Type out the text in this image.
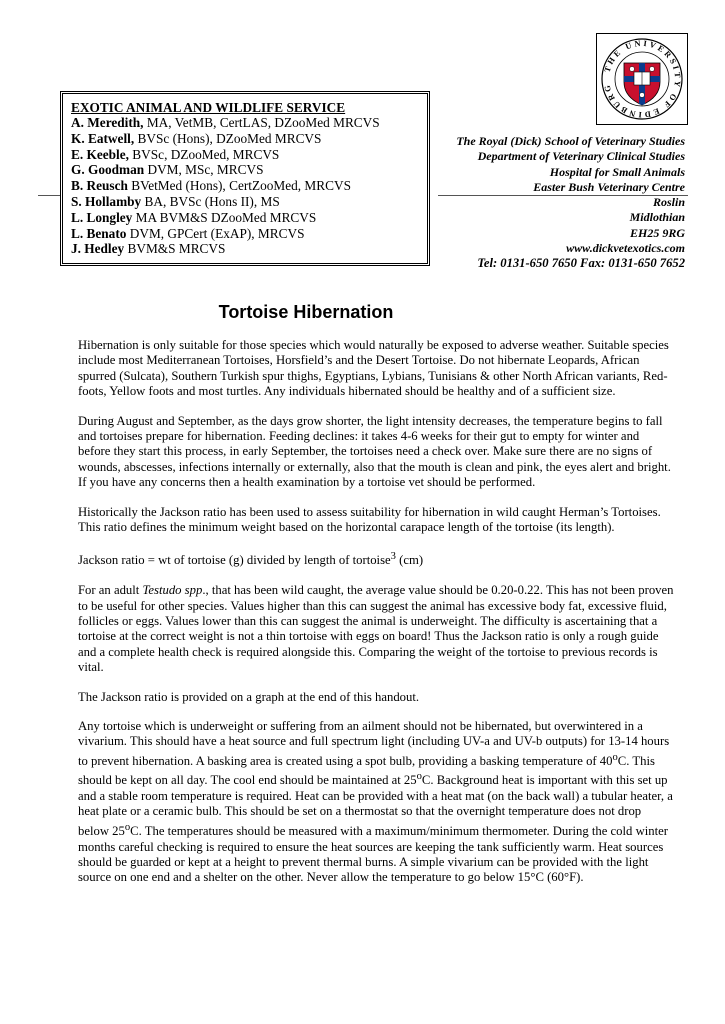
EXOTIC ANIMAL AND WILDLIFE SERVICE
A. Meredith, MA, VetMB, CertLAS, DZooMed MRCVS
K. Eatwell, BVSc (Hons), DZooMed MRCVS
E. Keeble, BVSc, DZooMed, MRCVS
G. Goodman DVM, MSc, MRCVS
B. Reusch BVetMed (Hons), CertZooMed, MRCVS
S. Hollamby BA, BVSc (Hons II), MS
L. Longley MA BVM&S DZooMed MRCVS
L. Benato DVM, GPCert (ExAP), MRCVS
J. Hedley BVM&S MRCVS
THE UNIVERSITY OF EDINBURG
The Royal (Dick) School of Veterinary Studies
Department of Veterinary Clinical Studies
Hospital for Small Animals
Easter Bush Veterinary Centre
Roslin
Midlothian
EH25 9RG
www.dickvetexotics.com
Tel: 0131-650 7650 Fax: 0131-650 7652
Tortoise Hibernation

Hibernation is only suitable for those species which would naturally be exposed to adverse weather. Suitable species include most Mediterranean Tortoises, Horsfield’s and the Desert Tortoise. Do not hibernate Leopards, African spurred (Sulcata), Southern Turkish spur thighs, Egyptians, Lybians, Tunisians & other North African variants, Red-foots, Yellow foots and most turtles. Any individuals hibernated should be healthy and of a sufficient size.

During August and September, as the days grow shorter, the light intensity decreases, the temperature begins to fall and tortoises prepare for hibernation. Feeding declines: it takes 4-6 weeks for their gut to empty for winter and before they start this process, in early September, the tortoises need a check over. Make sure there are no signs of wounds, abscesses, infections internally or externally, also that the mouth is clean and pink, the eyes alert and bright. If you have any concerns then a health examination by a tortoise vet should be performed.

Historically the Jackson ratio has been used to assess suitability for hibernation in wild caught Herman’s Tortoises. This ratio defines the minimum weight based on the horizontal carapace length of the tortoise (its length).

Jackson ratio = wt of tortoise (g) divided by length of tortoise$^3$ (cm)

For an adult Testudo spp., that has been wild caught, the average value should be 0.20-0.22. This has not been proven to be useful for other species. Values higher than this can suggest the animal has excessive body fat, excessive fluid, follicles or eggs. Values lower than this can suggest the animal is underweight. The difficulty is ascertaining that a tortoise at the correct weight is not a thin tortoise with eggs on board! Thus the Jackson ratio is only a rough guide and a complete health check is required alongside this. Comparing the weight of the tortoise to previous records is vital.

The Jackson ratio is provided on a graph at the end of this handout.

Any tortoise which is underweight or suffering from an ailment should not be hibernated, but overwintered in a vivarium. This should have a heat source and full spectrum light (including UV-a and UV-b outputs) for 13-14 hours to prevent hibernation. A basking area is created using a spot bulb, providing a basking temperature of 40$^o$C. This should be kept on all day. The cool end should be maintained at 25$^o$C. Background heat is important with this set up and a stable room temperature is required. Heat can be provided with a heat mat (on the back wall) a tubular heater, a heat plate or a ceramic bulb. This should be set on a thermostat so that the overnight temperature does not drop below 25$^o$C. The temperatures should be measured with a maximum/minimum thermometer. During the cold winter months careful checking is required to ensure the heat sources are keeping the tank sufficiently warm. Heat sources should be guarded or kept at a height to prevent thermal burns. A simple vivarium can be provided with the light source on one end and a shelter on the other. Never allow the temperature to go below 15°C (60°F).
